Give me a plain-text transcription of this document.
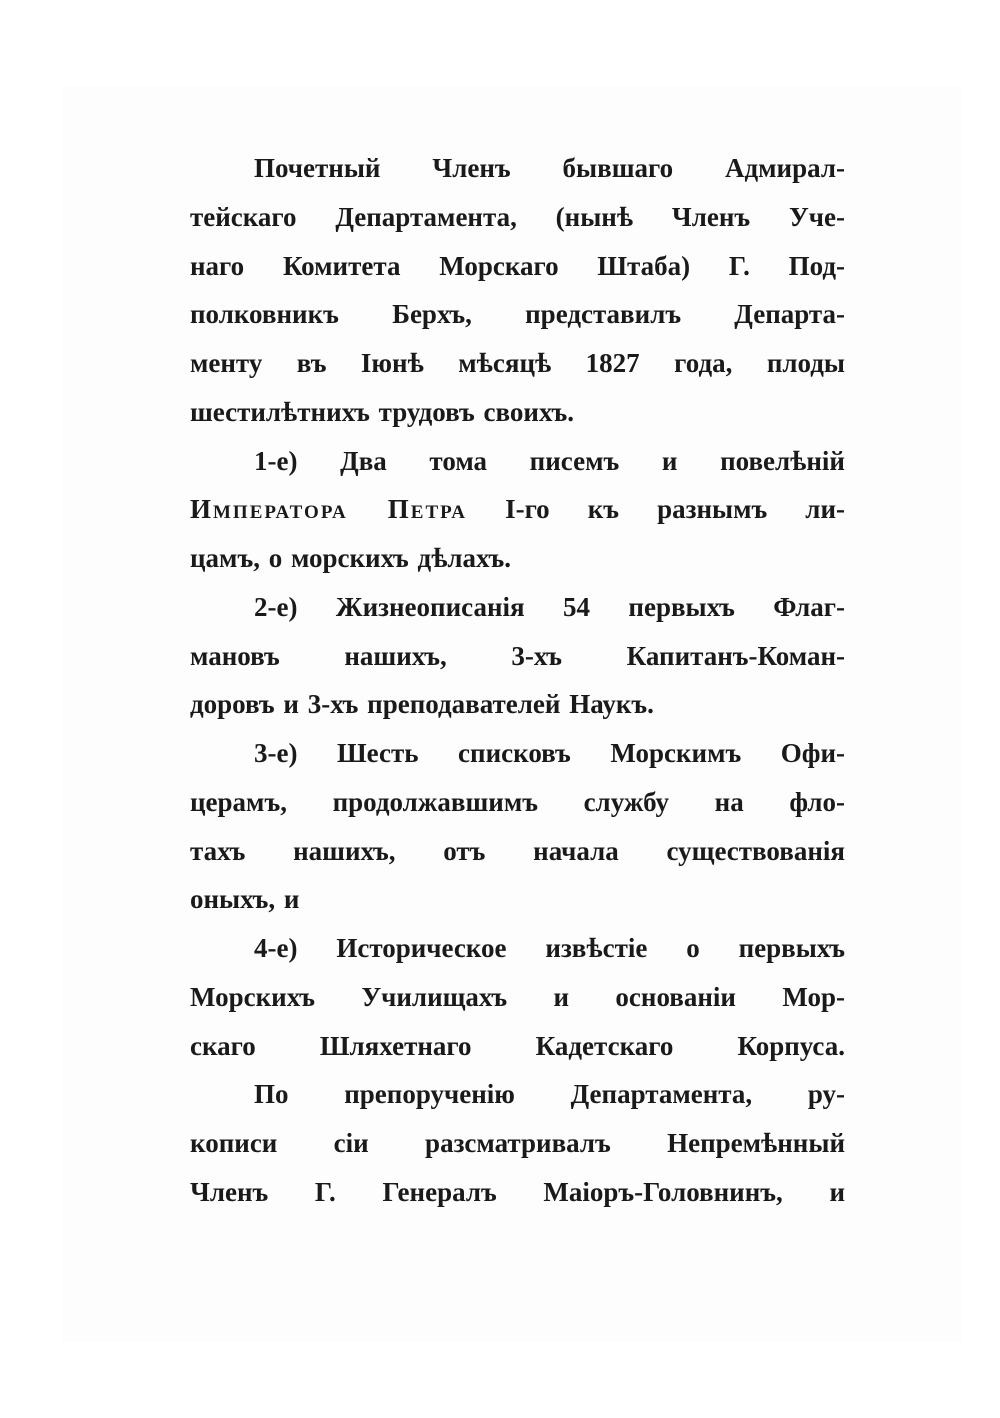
Почетный Членъ бывшаго Адмирал-
тейскаго Департамента, (нынѣ Членъ Уче-
наго Комитета Морскаго Штаба) Г. Под-
полковникъ Берхъ, представилъ Департа-
менту въ Іюнѣ мѣсяцѣ 1827 года, плоды
шестилѣтнихъ трудовъ своихъ.
1-е) Два тома писемъ и повелѣній
Императора Петра I-го къ разнымъ ли-
цамъ, о морскихъ дѣлахъ.
2-е) Жизнеописанія 54 первыхъ Флаг-
мановъ нашихъ, 3-хъ Капитанъ-Коман-
доровъ и 3-хъ преподавателей Наукъ.
3-е) Шесть списковъ Морскимъ Офи-
церамъ, продолжавшимъ службу на фло-
тахъ нашихъ, отъ начала существованія
оныхъ, и
4-е) Историческое извѣстіе о первыхъ
Морскихъ Училищахъ и основаніи Мор-
скаго Шляхетнаго Кадетскаго Корпуса.
По препорученію Департамента, ру-
кописи сіи разсматривалъ Непремѣнный
Членъ Г. Генералъ Маіоръ-Головнинъ, и
